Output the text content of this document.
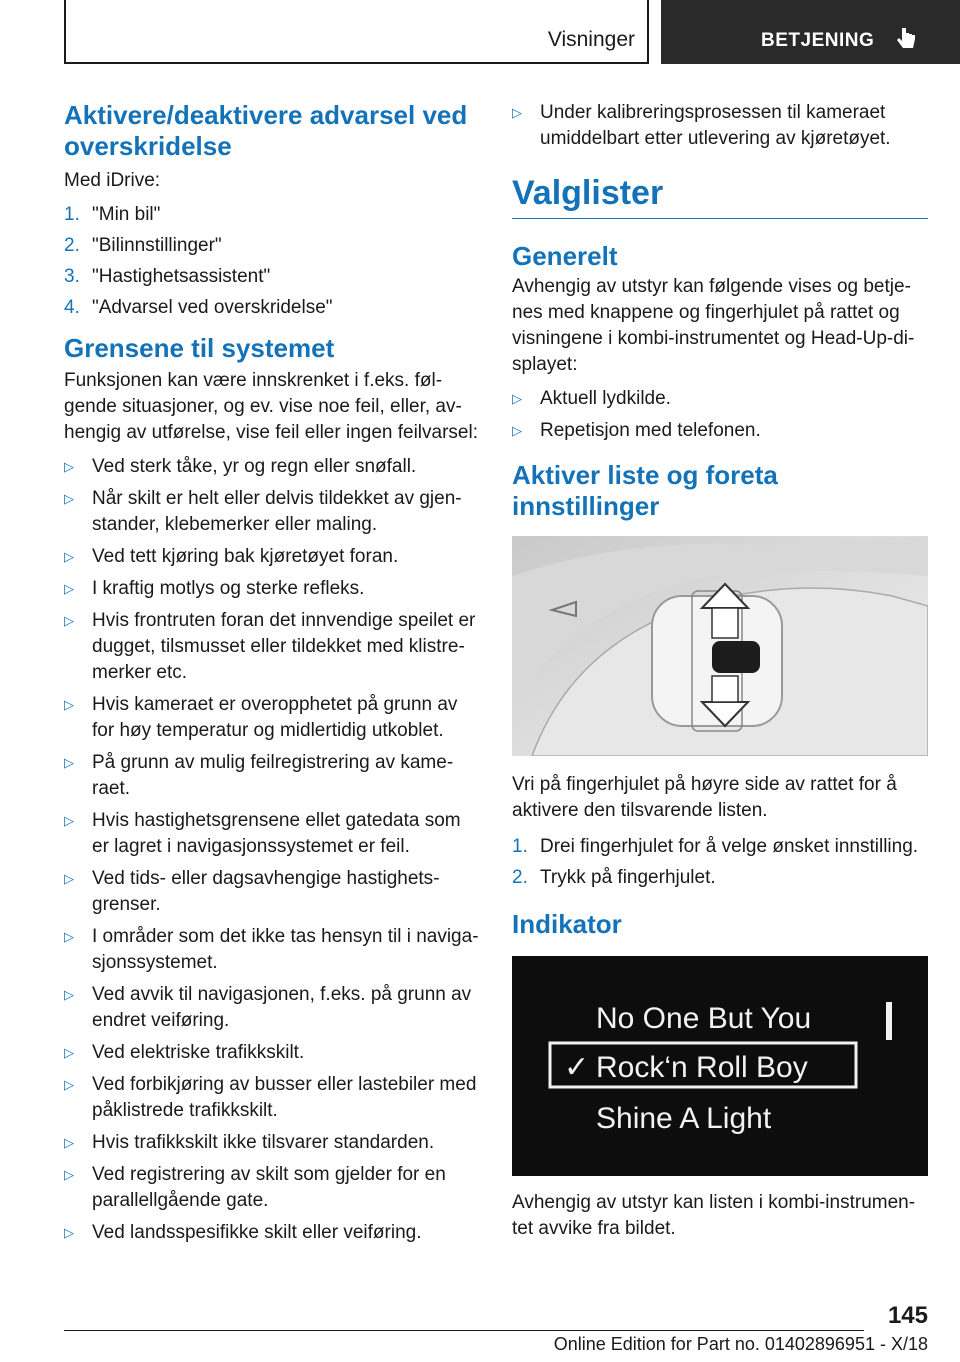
Visninger	BETJENING
Aktivere/deaktivere advarsel ved overskridelse

Med iDrive:

1. "Min bil"
2. "Bilinnstillinger"
3. "Hastighetsassistent"
4. "Advarsel ved overskridelse"
Grensene til systemet

Funksjonen kan være innskrenket i f.eks. følgende situasjoner, og ev. vise noe feil, eller, avhengig av utførelse, vise feil eller ingen feilvarsel:

▷ Ved sterk tåke, yr og regn eller snøfall.
▷ Når skilt er helt eller delvis tildekket av gjenstander, klebemerker eller maling.
▷ Ved tett kjøring bak kjøretøyet foran.
▷ I kraftig motlys og sterke refleks.
▷ Hvis frontruten foran det innvendige speilet er dugget, tilsmusset eller tildekket med klistremerker etc.
▷ Hvis kameraet er overopphetet på grunn av for høy temperatur og midlertidig utkoblet.
▷ På grunn av mulig feilregistrering av kameraet.
▷ Hvis hastighetsgrensene ellet gatedata som er lagret i navigasjonssystemet er feil.
▷ Ved tids- eller dagsavhengige hastighetsgrenser.
▷ I områder som det ikke tas hensyn til i navigasjonssystemet.
▷ Ved avvik til navigasjonen, f.eks. på grunn av endret veiføring.
▷ Ved elektriske trafikkskilt.
▷ Ved forbikjøring av busser eller lastebiler med påklistrede trafikkskilt.
▷ Hvis trafikkskilt ikke tilsvarer standarden.
▷ Ved registrering av skilt som gjelder for en parallellgående gate.
▷ Ved landsspesifikke skilt eller veiføring.
▷ Under kalibreringsprosessen til kameraet umiddelbart etter utlevering av kjøretøyet.
Valglister
Generelt

Avhengig av utstyr kan følgende vises og betjenes med knappene og fingerhjulet på rattet og visningene i kombi-instrumentet og Head-Up-displayet:

▷ Aktuell lydkilde.
▷ Repetisjon med telefonen.
Aktiver liste og foreta innstillinger

Vri på fingerhjulet på høyre side av rattet for å aktivere den tilsvarende listen.

1. Drei fingerhjulet for å velge ønsket innstilling.
2. Trykk på fingerhjulet.
Indikator
No One But You
✓ Rock‘n Roll Boy
Shine A Light

Avhengig av utstyr kan listen i kombi-instrumentet avvike fra bildet.

145
Online Edition for Part no. 01402896951 - X/18
